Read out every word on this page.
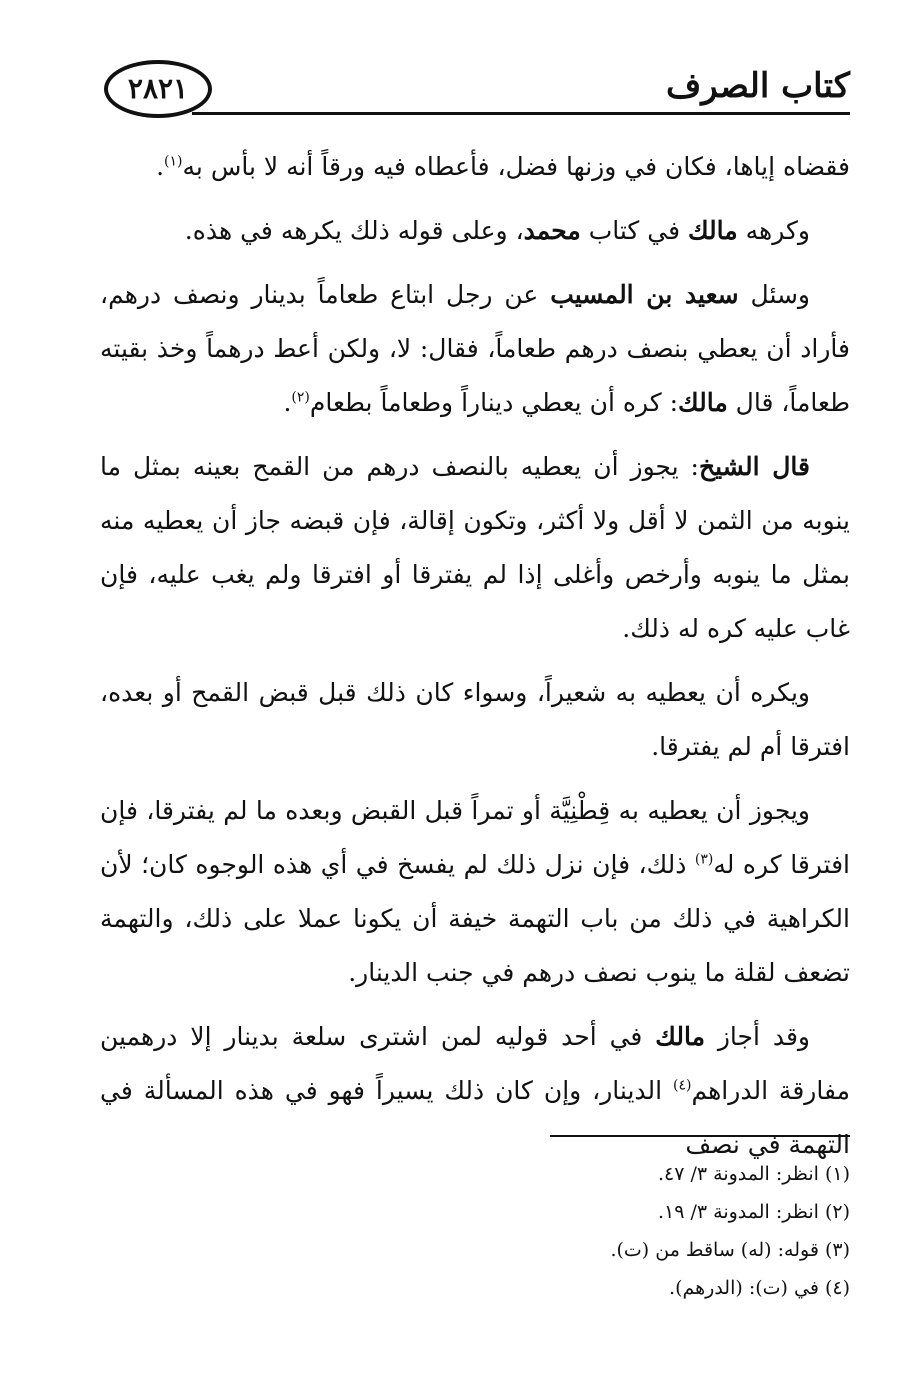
كتاب الصرف
٢٨٢١

فقضاه إياها، فكان في وزنها فضل، فأعطاه فيه ورقاً أنه لا بأس به$^{(١)}$.

وكرهه مالك في كتاب محمد، وعلى قوله ذلك يكرهه في هذه.

وسئل سعيد بن المسيب عن رجل ابتاع طعاماً بدينار ونصف درهم، فأراد أن يعطي بنصف درهم طعاماً، فقال: لا، ولكن أعط درهماً وخذ بقيته طعاماً، قال مالك: كره أن يعطي ديناراً وطعاماً بطعام$^{(٢)}$.

قال الشيخ: يجوز أن يعطيه بالنصف درهم من القمح بعينه بمثل ما ينوبه من الثمن لا أقل ولا أكثر، وتكون إقالة، فإن قبضه جاز أن يعطيه منه بمثل ما ينوبه وأرخص وأغلى إذا لم يفترقا أو افترقا ولم يغب عليه، فإن غاب عليه كره له ذلك.

ويكره أن يعطيه به شعيراً، وسواء كان ذلك قبل قبض القمح أو بعده، افترقا أم لم يفترقا.

ويجوز أن يعطيه به قِطْنِيَّة أو تمراً قبل القبض وبعده ما لم يفترقا، فإن افترقا كره له$^{(٣)}$ ذلك، فإن نزل ذلك لم يفسخ في أي هذه الوجوه كان؛ لأن الكراهية في ذلك من باب التهمة خيفة أن يكونا عملا على ذلك، والتهمة تضعف لقلة ما ينوب نصف درهم في جنب الدينار.

وقد أجاز مالك في أحد قوليه لمن اشترى سلعة بدينار إلا درهمين مفارقة الدراهم$^{(٤)}$ الدينار، وإن كان ذلك يسيراً فهو في هذه المسألة في التهمة في نصف

(١) انظر: المدونة ٣/ ٤٧.

(٢) انظر: المدونة ٣/ ١٩.

(٣) قوله: (له) ساقط من (ت).

(٤) في (ت): (الدرهم).
